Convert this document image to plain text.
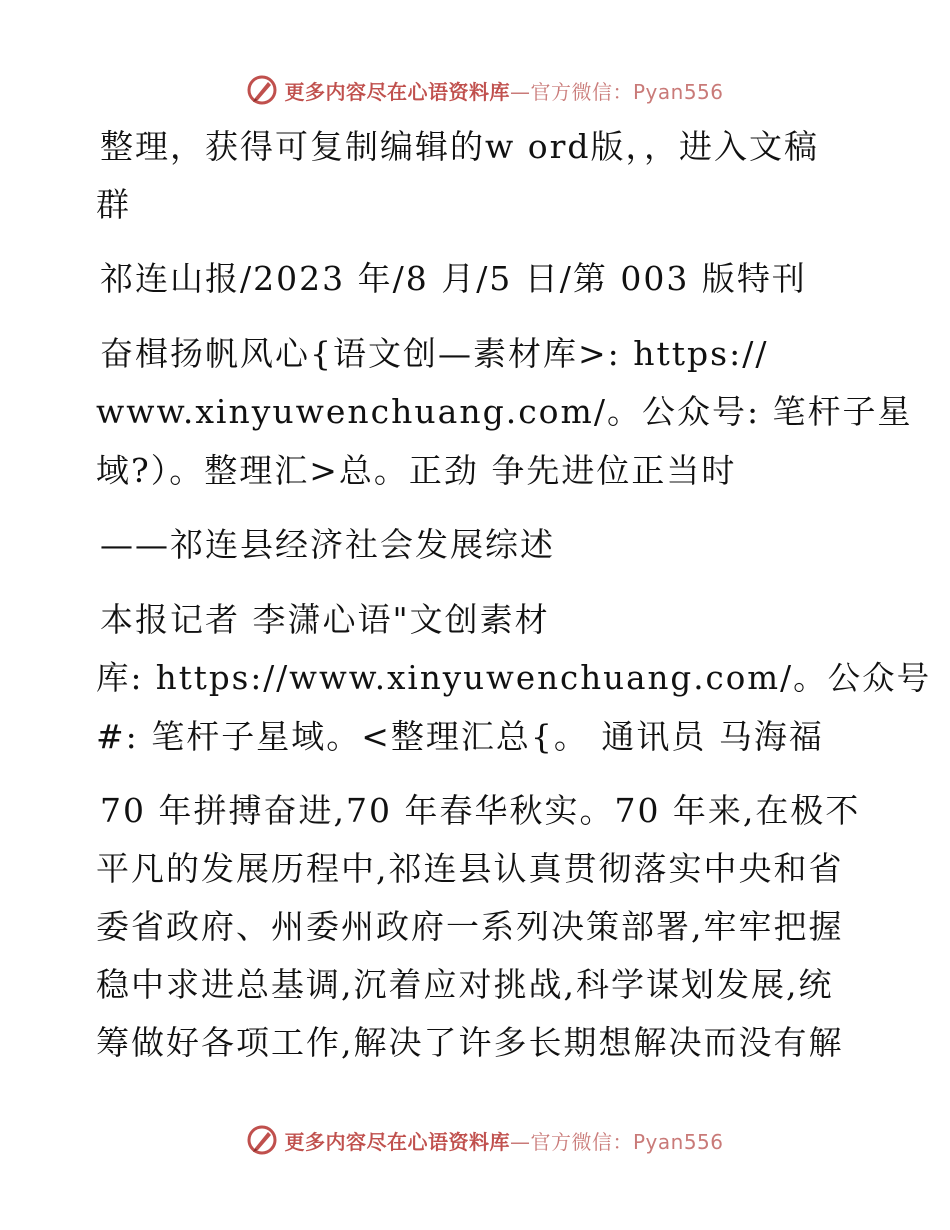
更多内容尽在心语资料库—官方微信：Pyan556
整理，获得可复制编辑的w ord版，，进入文稿
群
祁连山报/2023 年/8 月/5 日/第 003 版特刊
奋楫扬帆风心{语文创—素材库>: https://
www.xinyuwenchuang.com/。公众号: 笔杆子星
域?）。整理汇>总。正劲 争先进位正当时
——祁连县经济社会发展综述
本报记者 李潇心语"文创素材
库: https://www.xinyuwenchuang.com/。公众号
#: 笔杆子星域。<整理汇总{。 通讯员 马海福
70 年拼搏奋进,70 年春华秋实。70 年来,在极不
平凡的发展历程中,祁连县认真贯彻落实中央和省
委省政府、州委州政府一系列决策部署,牢牢把握
稳中求进总基调,沉着应对挑战,科学谋划发展,统
筹做好各项工作,解决了许多长期想解决而没有解
更多内容尽在心语资料库—官方微信：Pyan556
